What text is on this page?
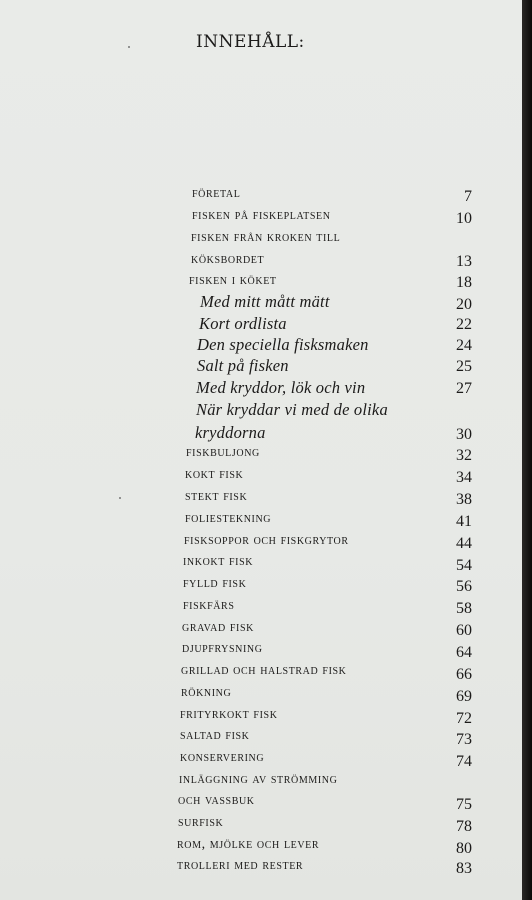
INNEHÅLL:
företal	7
fisken på fiskeplatsen	10
fisken från kroken till
köksbordet	13
fisken i köket	18
Med mitt mått mätt	20
Kort ordlista	22
Den speciella fisksmaken	24
Salt på fisken	25
Med kryddor, lök och vin	27
När kryddar vi med de olika
kryddorna	30
fiskbuljong	32
kokt fisk	34
stekt fisk	38
foliestekning	41
fisksoppor och fiskgrytor	44
inkokt fisk	54
fylld fisk	56
fiskfärs	58
gravad fisk	60
djupfrysning	64
grillad och halstrad fisk	66
rökning	69
frityrkokt fisk	72
saltad fisk	73
konservering	74
inläggning av strömming
och vassbuk	75
surfisk	78
rom, mjölke och lever	80
trolleri med rester	83
